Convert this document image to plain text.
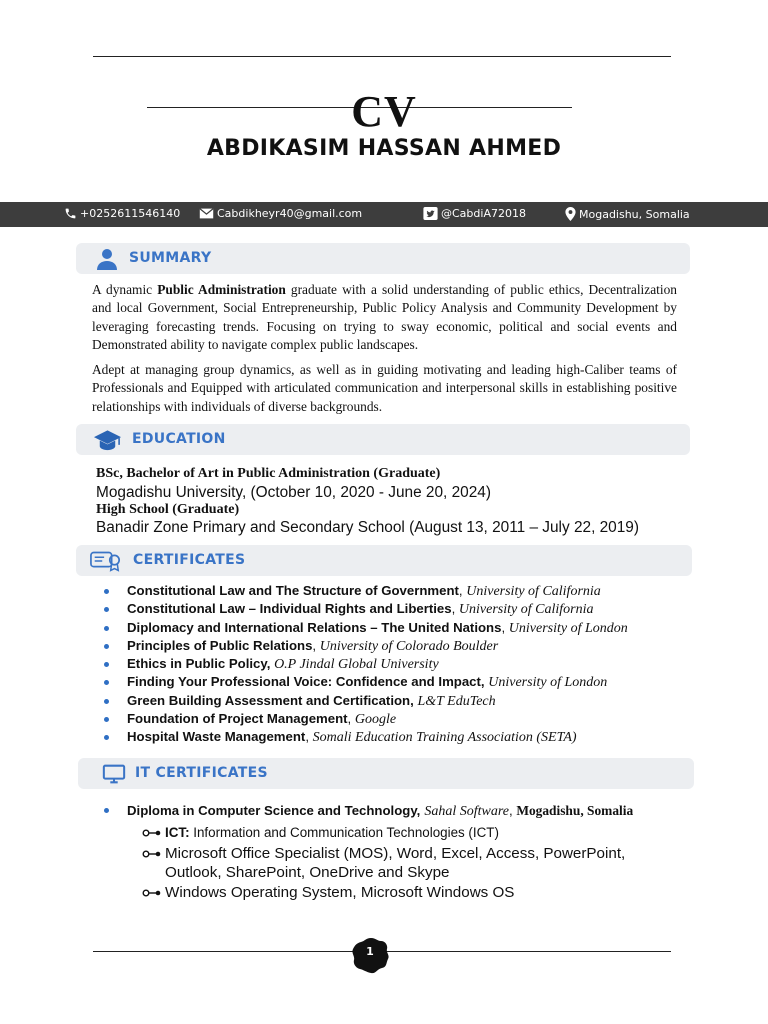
CV
ABDIKASIM HASSAN AHMED
+0252611546140	Cabdikheyr40@gmail.com	@CabdiA72018	Mogadishu, Somalia
SUMMARY

A dynamic Public Administration graduate with a solid understanding of public ethics, Decentralization and local Government, Social Entrepreneurship, Public Policy Analysis and Community Development by leveraging forecasting trends. Focusing on trying to sway economic, political and social events and Demonstrated ability to navigate complex public landscapes.

Adept at managing group dynamics, as well as in guiding motivating and leading high-Caliber teams of Professionals and Equipped with articulated communication and interpersonal skills in establishing positive relationships with individuals of diverse backgrounds.

EDUCATION
BSc, Bachelor of Art in Public Administration (Graduate)
Mogadishu University, (October 10, 2020 - June 20, 2024)
High School (Graduate)
Banadir Zone Primary and Secondary School (August 13, 2011 – July 22, 2019)
CERTIFICATES
Constitutional Law and The Structure of Government, University of California
Constitutional Law – Individual Rights and Liberties, University of California
Diplomacy and International Relations – The United Nations, University of London
Principles of Public Relations, University of Colorado Boulder
Ethics in Public Policy, O.P Jindal Global University
Finding Your Professional Voice: Confidence and Impact, University of London
Green Building Assessment and Certification, L&T EduTech
Foundation of Project Management, Google
Hospital Waste Management, Somali Education Training Association (SETA)
IT CERTIFICATES
Diploma in Computer Science and Technology, Sahal Software, Mogadishu, Somalia
ICT: Information and Communication Technologies (ICT)
Microsoft Office Specialist (MOS), Word, Excel, Access, PowerPoint,
Outlook, SharePoint, OneDrive and Skype
Windows Operating System, Microsoft Windows OS
1
